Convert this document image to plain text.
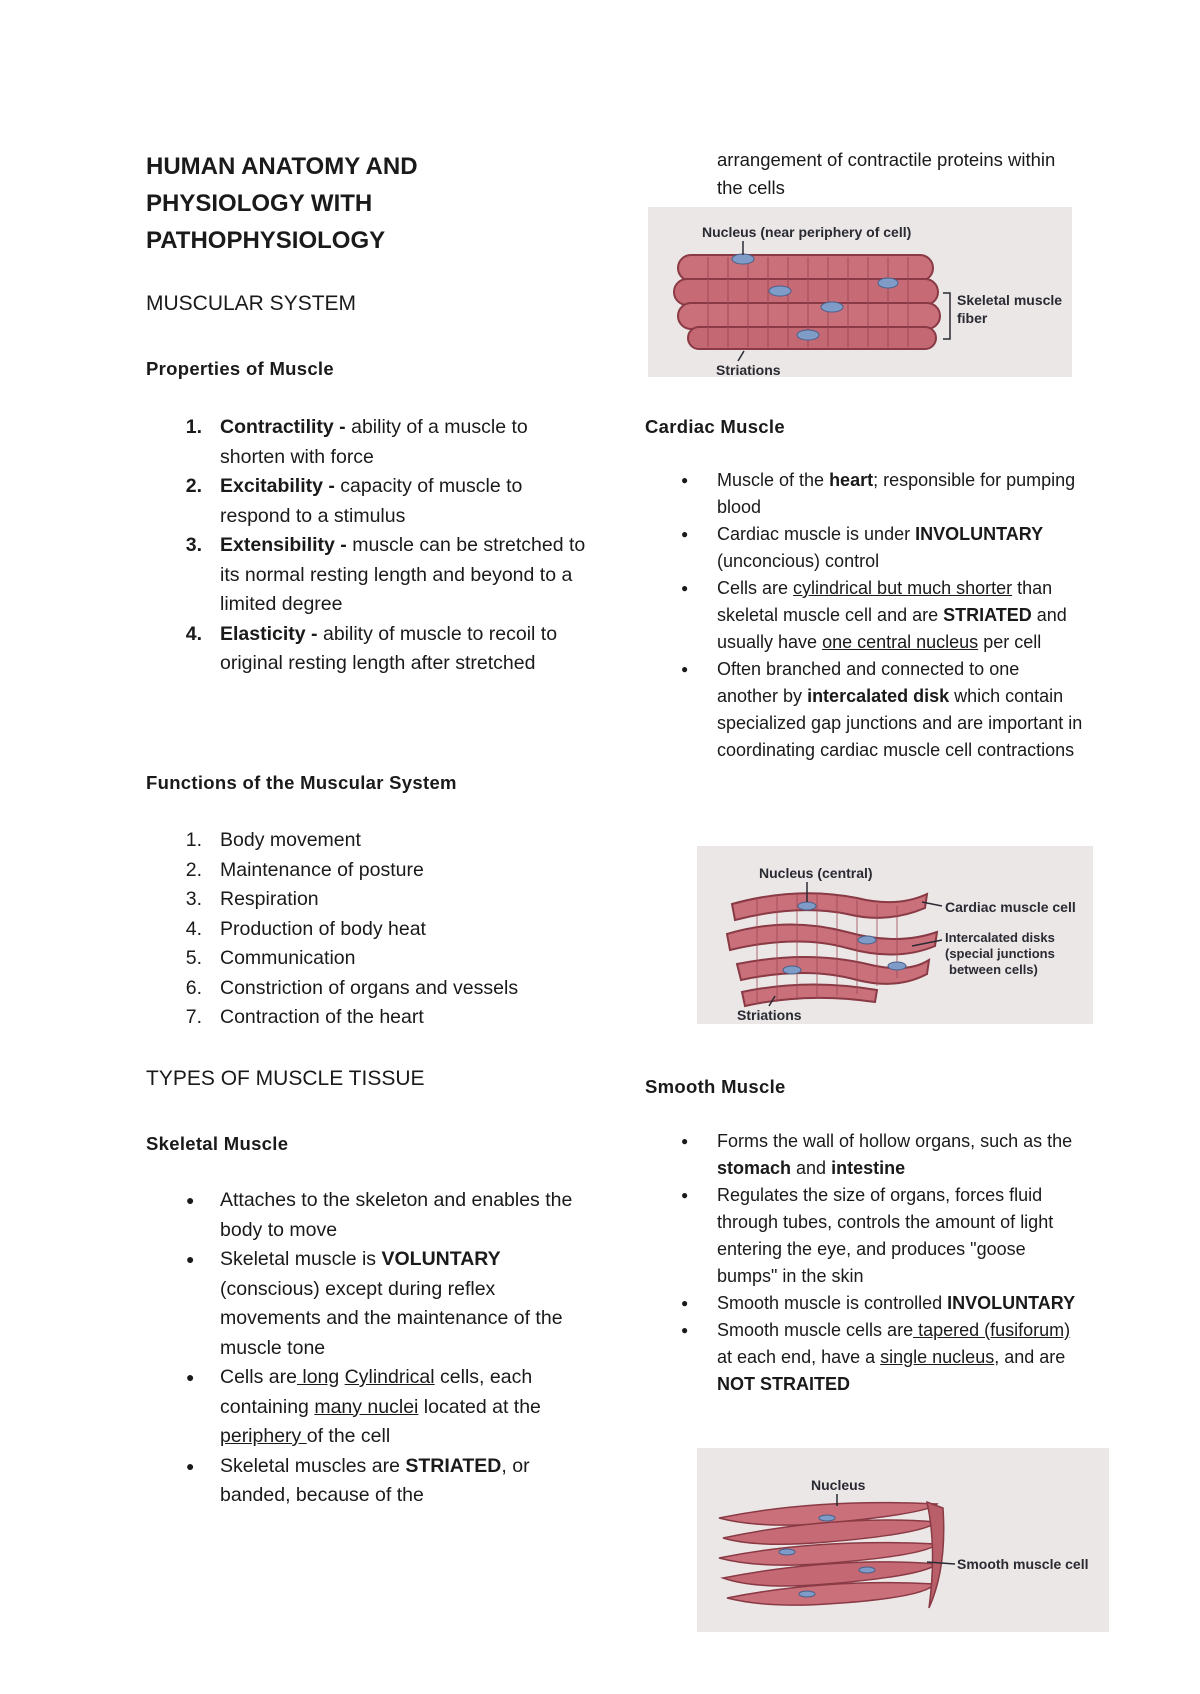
HUMAN ANATOMY AND
PHYSIOLOGY WITH
PATHOPHYSIOLOGY
MUSCULAR SYSTEM
Properties of Muscle
1. Contractility - ability of a muscle to shorten with force
2. Excitability - capacity of muscle to respond to a stimulus
3. Extensibility - muscle can be stretched to its normal resting length and beyond to a limited degree
4. Elasticity - ability of muscle to recoil to original resting length after stretched
Functions of the Muscular System
1. Body movement
2. Maintenance of posture
3. Respiration
4. Production of body heat
5. Communication
6. Constriction of organs and vessels
7. Contraction of the heart
TYPES OF MUSCLE TISSUE
Skeletal Muscle
●
Attaches to the skeleton and enables the body to move
●
Skeletal muscle is VOLUNTARY (conscious) except during reflex movements and the maintenance of the muscle tone
●
Cells are long Cylindrical cells, each containing many nuclei located at the periphery of the cell
●
Skeletal muscles are STRIATED, or banded, because of the
arrangement of contractile proteins within the cells
Nucleus (near periphery of cell)
Skeletal muscle
fiber
Striations
Cardiac Muscle
●
Muscle of the heart; responsible for pumping blood
●
Cardiac muscle is under INVOLUNTARY (unconcious) control
●
Cells are cylindrical but much shorter than skeletal muscle cell and are STRIATED and usually have one central nucleus per cell
●
Often branched and connected to one another by intercalated disk which contain specialized gap junctions and are important in coordinating cardiac muscle cell contractions
Nucleus (central)
Cardiac muscle cell
Intercalated disks
(special junctions
between cells)
Striations
Smooth Muscle
●
Forms the wall of hollow organs, such as the stomach and intestine
●
Regulates the size of organs, forces fluid through tubes, controls the amount of light entering the eye, and produces "goose bumps" in the skin
●
Smooth muscle is controlled INVOLUNTARY
●
Smooth muscle cells are tapered (fusiforum) at each end, have a single nucleus, and are NOT STRAITED
Nucleus
Smooth muscle cell
